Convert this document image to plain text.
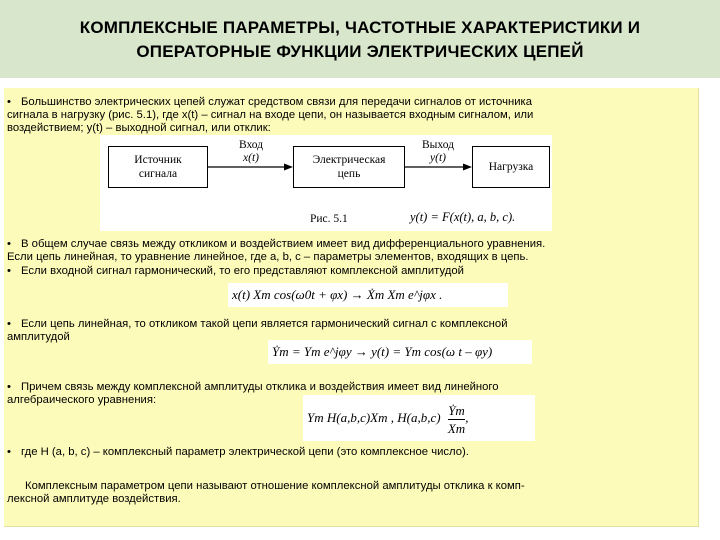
КОМПЛЕКСНЫЕ ПАРАМЕТРЫ, ЧАСТОТНЫЕ ХАРАКТЕРИСТИКИ И
ОПЕРАТОРНЫЕ ФУНКЦИИ ЭЛЕКТРИЧЕСКИХ ЦЕПЕЙ
• Большинство электрических цепей служат средством связи для передачи сигналов от источника
сигнала в нагрузку (рис. 5.1), где x(t) – сигнал на входе цепи, он называется входным сигналом, или
воздействием; y(t) – выходной сигнал, или отклик:
Источник
сигнала
Электрическая
цепь
Нагрузка
Вход
x(t)
Выход
y(t)
Рис. 5.1	y(t) = F(x(t), a, b, c).
• В общем случае связь между откликом и воздействием имеет вид дифференциального уравнения.
Если цепь линейная, то уравнение линейное, где a, b, c – параметры элементов, входящих в цепь.
• Если входной сигнал гармонический, то его представляют комплексной амплитудой
x(t) Xm cos(ω0t + φx) → Ẋm Xm e^jφx .
• Если цепь линейная, то откликом такой цепи является гармонический сигнал с комплексной
амплитудой
Ẏm = Ym e^jφy → y(t) = Ym cos(ω t – φy)
• Причем связь между комплексной амплитуды отклика и воздействия имеет вид линейного
алгебраического уравнения:
Ym H(a,b,c)Xm , $H(a,b,c) \frac{\text{Ẏm}}{Xm}$ ,
• где H (a, b, c) – комплексный параметр электрической цепи (это комплексное число).
Комплексным параметром цепи называют отношение комплексной амплитуды отклика к комп-
лексной амплитуде воздействия.
